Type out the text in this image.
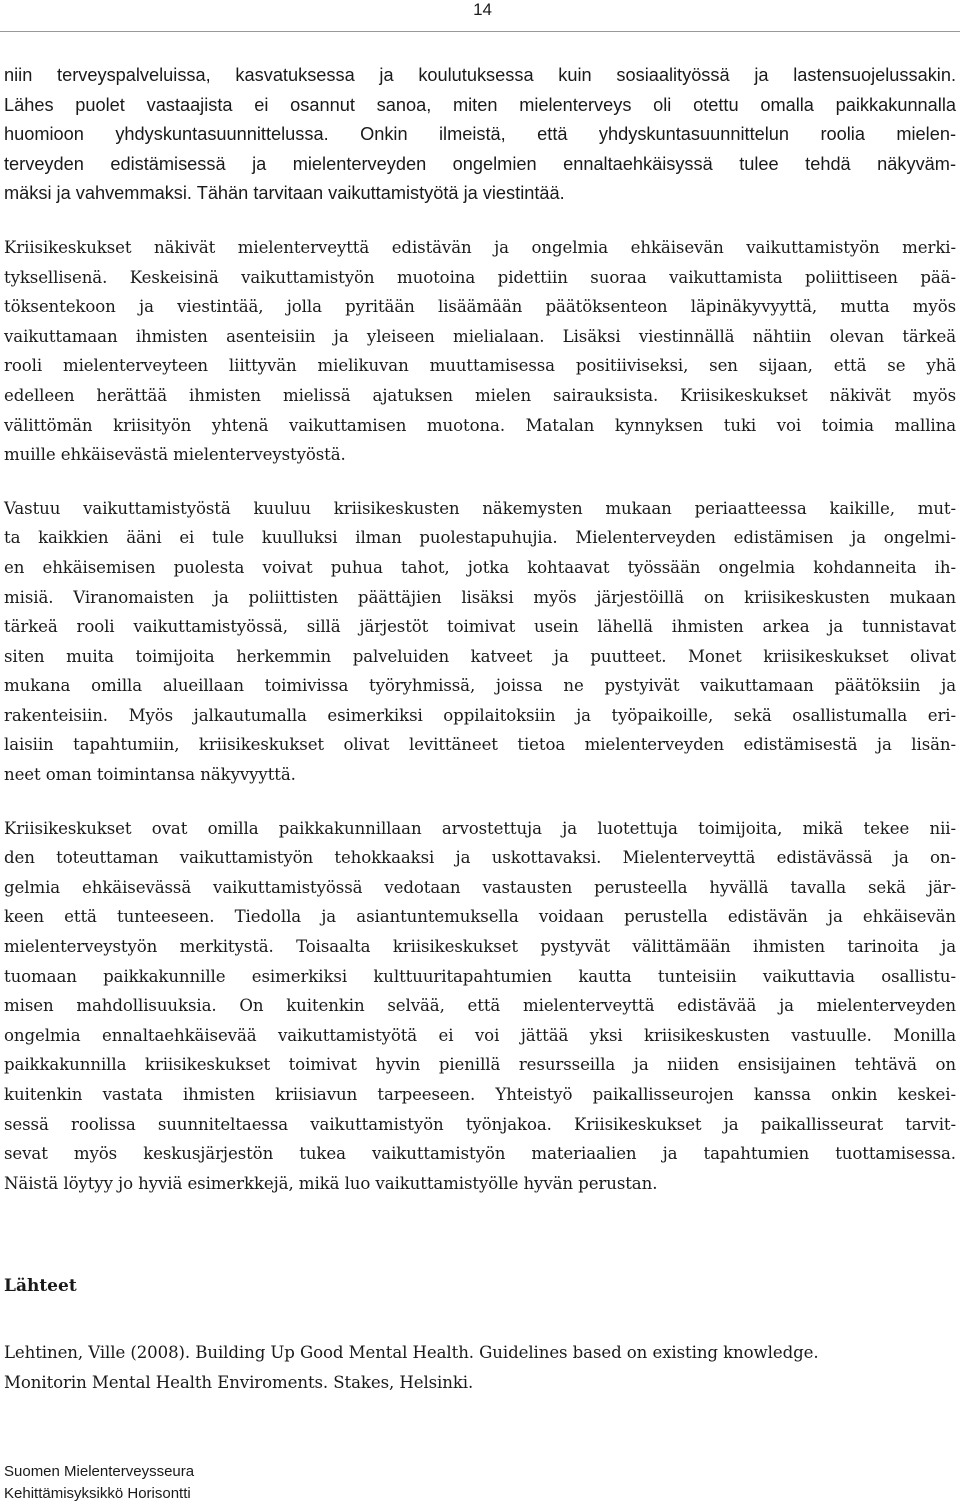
14
niin terveyspalveluissa, kasvatuksessa ja koulutuksessa kuin sosiaalityössä ja lastensuojelussakin.
Lähes puolet vastaajista ei osannut sanoa, miten mielenterveys oli otettu omalla paikkakunnalla
huomioon yhdyskuntasuunnittelussa. Onkin ilmeistä, että yhdyskuntasuunnittelun roolia mielen-
terveyden edistämisessä ja mielenterveyden ongelmien ennaltaehkäisyssä tulee tehdä näkyväm-
mäksi ja vahvemmaksi. Tähän tarvitaan vaikuttamistyötä ja viestintää.
Kriisikeskukset näkivät mielenterveyttä edistävän ja ongelmia ehkäisevän vaikuttamistyön merki-
tyksellisenä. Keskeisinä vaikuttamistyön muotoina pidettiin suoraa vaikuttamista poliittiseen pää-
töksentekoon ja viestintää, jolla pyritään lisäämään päätöksenteon läpinäkyvyyttä, mutta myös
vaikuttamaan ihmisten asenteisiin ja yleiseen mielialaan. Lisäksi viestinnällä nähtiin olevan tärkeä
rooli mielenterveyteen liittyvän mielikuvan muuttamisessa positiiviseksi, sen sijaan, että se yhä
edelleen herättää ihmisten mielissä ajatuksen mielen sairauksista. Kriisikeskukset näkivät myös
välittömän kriisityön yhtenä vaikuttamisen muotona. Matalan kynnyksen tuki voi toimia mallina
muille ehkäisevästä mielenterveystyöstä.
Vastuu vaikuttamistyöstä kuuluu kriisikeskusten näkemysten mukaan periaatteessa kaikille, mut-
ta kaikkien ääni ei tule kuulluksi ilman puolestapuhujia. Mielenterveyden edistämisen ja ongelmi-
en ehkäisemisen puolesta voivat puhua tahot, jotka kohtaavat työssään ongelmia kohdanneita ih-
misiä. Viranomaisten ja poliittisten päättäjien lisäksi myös järjestöillä on kriisikeskusten mukaan
tärkeä rooli vaikuttamistyössä, sillä järjestöt toimivat usein lähellä ihmisten arkea ja tunnistavat
siten muita toimijoita herkemmin palveluiden katveet ja puutteet. Monet kriisikeskukset olivat
mukana omilla alueillaan toimivissa työryhmissä, joissa ne pystyivät vaikuttamaan päätöksiin ja
rakenteisiin. Myös jalkautumalla esimerkiksi oppilaitoksiin ja työpaikoille, sekä osallistumalla eri-
laisiin tapahtumiin, kriisikeskukset olivat levittäneet tietoa mielenterveyden edistämisestä ja lisän-
neet oman toimintansa näkyvyyttä.
Kriisikeskukset ovat omilla paikkakunnillaan arvostettuja ja luotettuja toimijoita, mikä tekee nii-
den toteuttaman vaikuttamistyön tehokkaaksi ja uskottavaksi. Mielenterveyttä edistävässä ja on-
gelmia ehkäisevässä vaikuttamistyössä vedotaan vastausten perusteella hyvällä tavalla sekä jär-
keen että tunteeseen. Tiedolla ja asiantuntemuksella voidaan perustella edistävän ja ehkäisevän
mielenterveystyön merkitystä. Toisaalta kriisikeskukset pystyvät välittämään ihmisten tarinoita ja
tuomaan paikkakunnille esimerkiksi kulttuuritapahtumien kautta tunteisiin vaikuttavia osallistu-
misen mahdollisuuksia. On kuitenkin selvää, että mielenterveyttä edistävää ja mielenterveyden
ongelmia ennaltaehkäisevää vaikuttamistyötä ei voi jättää yksi kriisikeskusten vastuulle. Monilla
paikkakunnilla kriisikeskukset toimivat hyvin pienillä resursseilla ja niiden ensisijainen tehtävä on
kuitenkin vastata ihmisten kriisiavun tarpeeseen. Yhteistyö paikallisseurojen kanssa onkin keskei-
sessä roolissa suunniteltaessa vaikuttamistyön työnjakoa. Kriisikeskukset ja paikallisseurat tarvit-
sevat myös keskusjärjestön tukea vaikuttamistyön materiaalien ja tapahtumien tuottamisessa.
Näistä löytyy jo hyviä esimerkkejä, mikä luo vaikuttamistyölle hyvän perustan.
Lähteet
Lehtinen, Ville (2008). Building Up Good Mental Health. Guidelines based on existing knowledge.
Monitorin Mental Health Enviroments. Stakes, Helsinki.
Suomen Mielenterveysseura
Kehittämisyksikkö Horisontti
